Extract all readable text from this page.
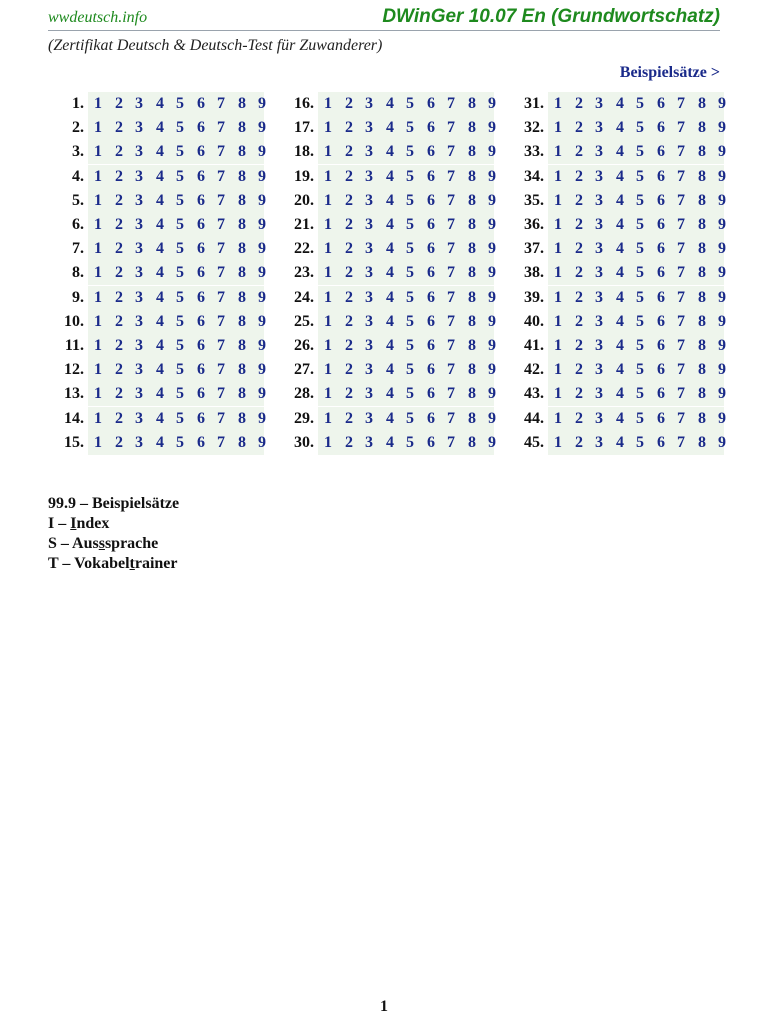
wwdeutsch.info	DWinGer 10.07 En (Grundwortschatz)
(Zertifikat Deutsch & Deutsch-Test für Zuwanderer)
Beispielsätze >
1. 1 2 3 4 5 6 7 8 9
2. 1 2 3 4 5 6 7 8 9
3. 1 2 3 4 5 6 7 8 9
4. 1 2 3 4 5 6 7 8 9
5. 1 2 3 4 5 6 7 8 9
6. 1 2 3 4 5 6 7 8 9
7. 1 2 3 4 5 6 7 8 9
8. 1 2 3 4 5 6 7 8 9
9. 1 2 3 4 5 6 7 8 9
10. 1 2 3 4 5 6 7 8 9
11. 1 2 3 4 5 6 7 8 9
12. 1 2 3 4 5 6 7 8 9
13. 1 2 3 4 5 6 7 8 9
14. 1 2 3 4 5 6 7 8 9
15. 1 2 3 4 5 6 7 8 9
16. 1 2 3 4 5 6 7 8 9
17. 1 2 3 4 5 6 7 8 9
18. 1 2 3 4 5 6 7 8 9
19. 1 2 3 4 5 6 7 8 9
20. 1 2 3 4 5 6 7 8 9
21. 1 2 3 4 5 6 7 8 9
22. 1 2 3 4 5 6 7 8 9
23. 1 2 3 4 5 6 7 8 9
24. 1 2 3 4 5 6 7 8 9
25. 1 2 3 4 5 6 7 8 9
26. 1 2 3 4 5 6 7 8 9
27. 1 2 3 4 5 6 7 8 9
28. 1 2 3 4 5 6 7 8 9
29. 1 2 3 4 5 6 7 8 9
30. 1 2 3 4 5 6 7 8 9
31. 1 2 3 4 5 6 7 8 9
32. 1 2 3 4 5 6 7 8 9
33. 1 2 3 4 5 6 7 8 9
34. 1 2 3 4 5 6 7 8 9
35. 1 2 3 4 5 6 7 8 9
36. 1 2 3 4 5 6 7 8 9
37. 1 2 3 4 5 6 7 8 9
38. 1 2 3 4 5 6 7 8 9
39. 1 2 3 4 5 6 7 8 9
40. 1 2 3 4 5 6 7 8 9
41. 1 2 3 4 5 6 7 8 9
42. 1 2 3 4 5 6 7 8 9
43. 1 2 3 4 5 6 7 8 9
44. 1 2 3 4 5 6 7 8 9
45. 1 2 3 4 5 6 7 8 9
99.9 – Beispielsätze
I – Index
S – Ausssprache
T – Vokabeltrainer
1
